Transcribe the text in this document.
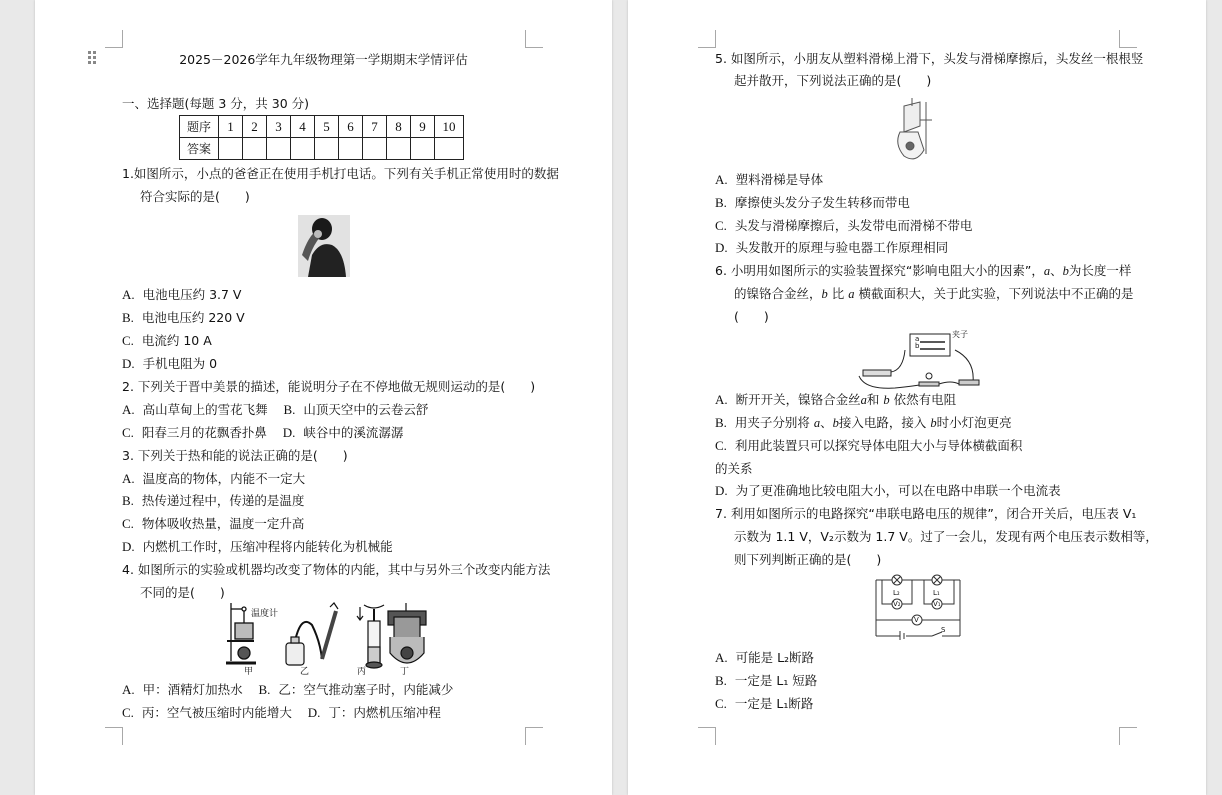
2025－2026学年九年级物理第一学期期末学情评估
一、选择题(每题 3 分，共 30 分)
题序	1	2	3	4	5	6	7	8	9	10
答案										
1.如图所示，小点的爸爸正在使用手机打电话。下列有关手机正常使用时的数据
符合实际的是(　　)
A. 电池电压约 3.7 V
B. 电池电压约 220 V
C. 电流约 10 A
D. 手机电阻为 0
2. 下列关于晋中美景的描述，能说明分子在不停地做无规则运动的是(　　)
A. 高山草甸上的雪花飞舞 B. 山顶天空中的云卷云舒
C. 阳春三月的花飘香扑鼻 D. 峡谷中的溪流潺潺
3. 下列关于热和能的说法正确的是(　　)
A. 温度高的物体，内能不一定大
B. 热传递过程中，传递的是温度
C. 物体吸收热量，温度一定升高
D. 内燃机工作时，压缩冲程将内能转化为机械能
4. 如图所示的实验或机器均改变了物体的内能，其中与另外三个改变内能方法
不同的是(　　)
温度计
甲	乙	丙	丁
A. 甲：酒精灯加热水 B. 乙：空气推动塞子时，内能减少
C. 丙：空气被压缩时内能增大 D. 丁：内燃机压缩冲程
5. 如图所示，小朋友从塑料滑梯上滑下，头发与滑梯摩擦后，头发丝一根根竖
起并散开，下列说法正确的是(　　)
A. 塑料滑梯是导体
B. 摩擦使头发分子发生转移而带电
C. 头发与滑梯摩擦后，头发带电而滑梯不带电
D. 头发散开的原理与验电器工作原理相同
6. 小明用如图所示的实验装置探究“影响电阻大小的因素”，a、b为长度一样
的镍铬合金丝，b 比 a 横截面积大，关于此实验，下列说法中不正确的是
(　　)
a
b
夹子
A. 断开开关，镍铬合金丝a和 b 依然有电阻
B. 用夹子分别将 a、b接入电路，接入 b时小灯泡更亮
C. 利用此装置只可以探究导体电阻大小与导体横截面积
的关系
D. 为了更准确地比较电阻大小，可以在电路中串联一个电流表
7. 利用如图所示的电路探究“串联电路电压的规律”，闭合开关后，电压表 V₁
示数为 1.1 V，V₂示数为 1.7 V。过了一会儿，发现有两个电压表示数相等，
则下列判断正确的是(　　)
L₂	L₁
V₂	V₁
V
S
A. 可能是 L₂断路
B. 一定是 L₁ 短路
C. 一定是 L₁断路
